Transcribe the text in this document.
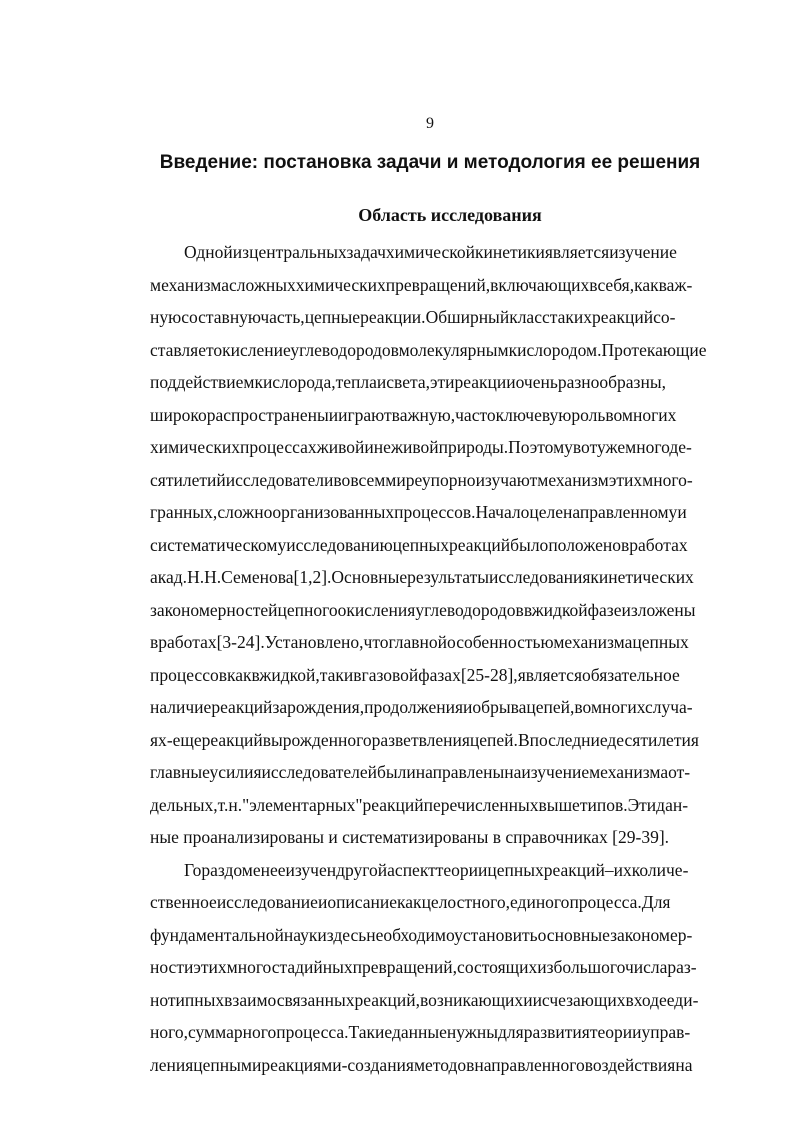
9
Введение: постановка задачи и методология ее решения
Область исследования
Однойизцентральныхзадачхимическойкинетикиявляетсяизучение
механизмасложныххимическихпревращений,включающихвсебя,какваж-
нуюсоставнуючасть,цепныереакции.Обширныйкласстакихреакцийсо-
ставляетокислениеуглеводородовмолекулярнымкислородом.Протекающие
поддействиемкислорода,теплаисвета,этиреакцииоченьразнообразны,
широкораспространеныииграютважную,частоключевуюрольвомногих
химическихпроцессахживойинеживойприроды.Поэтомувотужемногоде-
сятилетийисследователивовсеммиреупорноизучаютмеханизмэтихмного-
гранных,сложноорганизованныхпроцессов.Началоцеленаправленномуи
систематическомуисследованиюцепныхреакцийбылоположеновработах
акад.Н.Н.Семенова[1,2].Основныерезультатыисследованиякинетических
закономерностейцепногоокисленияуглеводородоввжидкойфазеизложены
вработах[3-24].Установлено,чтоглавнойособенностьюмеханизмацепных
процессовкаквжидкой,такивгазовойфазах[25-28],являетсяобязательное
наличиереакцийзарождения,продолженияиобрывацепей,вомногихслуча-
ях-ещереакцийвырожденногоразветвленияцепей.Впоследниедесятилетия
главныеусилияисследователейбылинаправленынаизучениемеханизмаот-
дельных,т.н."элементарных"реакцийперечисленныхвышетипов.Этидан-
ные проанализированы и систематизированы в справочниках [29-39].
Гораздоменееизучендругойаспекттеориицепныхреакций–ихколиче-
ственноеисследованиеиописаниекакцелостного,единогопроцесса.Для
фундаментальнойнаукиздесьнеобходимоустановитьосновныезакономер-
ностиэтихмногостадийныхпревращений,состоящихизбольшогочислараз-
нотипныхвзаимосвязанныхреакций,возникающихиисчезающихвходееди-
ного,суммарногопроцесса.Такиеданныенужныдляразвитиятеорииуправ-
ленияцепнымиреакциями-созданияметодовнаправленноговоздействияна
